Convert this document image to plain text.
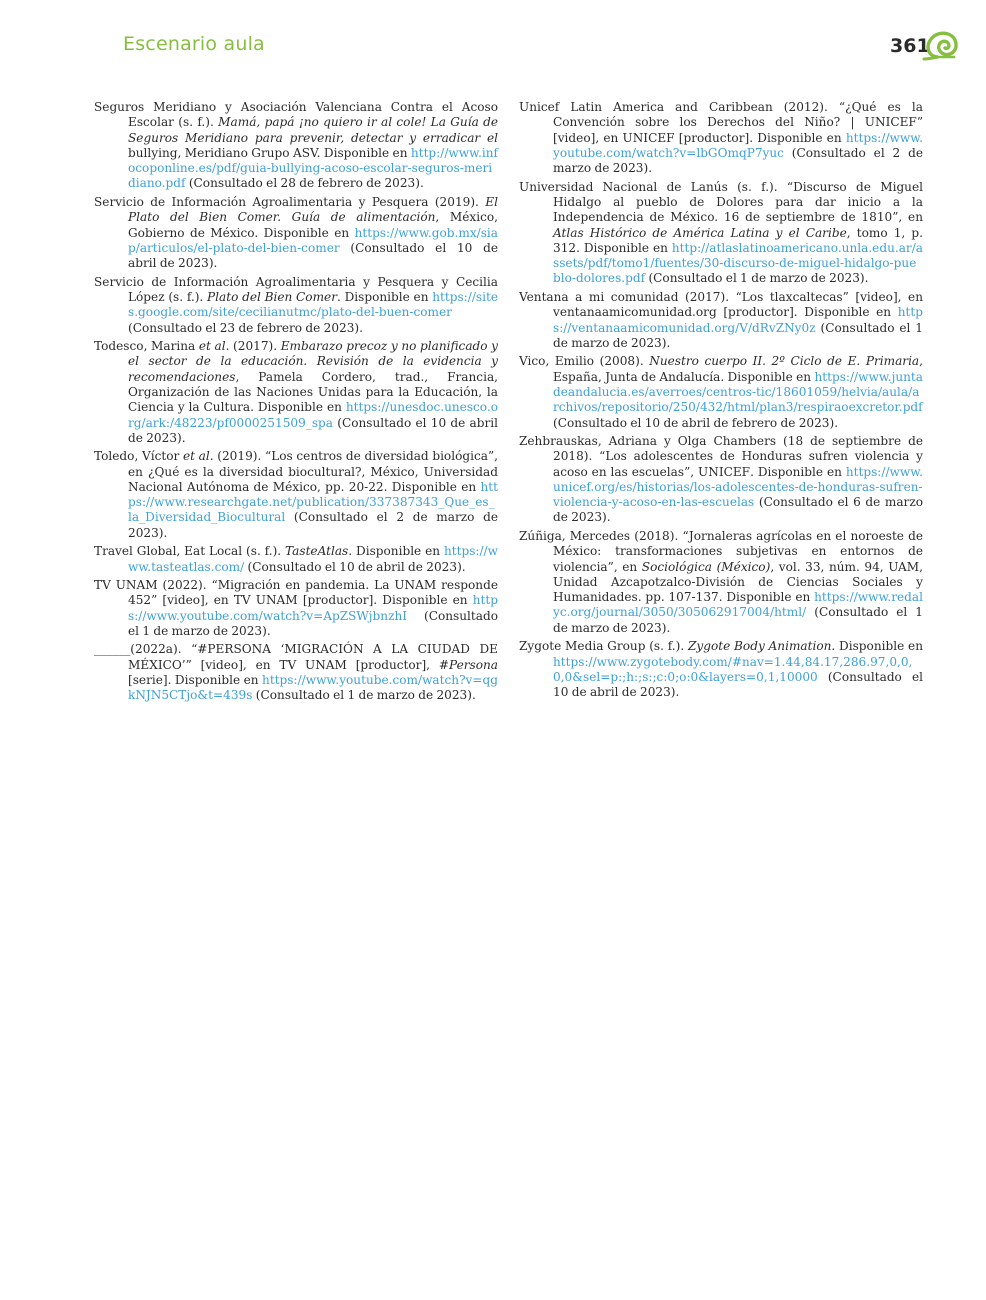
Escenario aula	361

Seguros Meridiano y Asociación Valenciana Contra el Acoso Escolar (s. f.). Mamá, papá ¡no quiero ir al cole! La Guía de Seguros Meridiano para prevenir, detectar y erradicar el bullying, Meridiano Grupo ASV. Disponible en http://www.infocoponline.es/pdf/guia-bullying-acoso-escolar-seguros-meridiano.pdf (Consultado el 28 de febrero de 2023).

Servicio de Información Agroalimentaria y Pesquera (2019). El Plato del Bien Comer. Guía de alimentación, México, Gobierno de México. Disponible en https://www.gob.mx/siap/articulos/el-plato-del-bien-comer (Consultado el 10 de abril de 2023).

Servicio de Información Agroalimentaria y Pesquera y Cecilia López (s. f.). Plato del Bien Comer. Disponible en https://sites.google.com/site/cecilianutmc/plato-del-buen-comer (Consultado el 23 de febrero de 2023).

Todesco, Marina et al. (2017). Embarazo precoz y no planificado y el sector de la educación. Revisión de la evidencia y recomendaciones, Pamela Cordero, trad., Francia, Organización de las Naciones Unidas para la Educación, la Ciencia y la Cultura. Disponible en https://unesdoc.unesco.org/ark:/48223/pf0000251509_spa (Consultado el 10 de abril de 2023).

Toledo, Víctor et al. (2019). “Los centros de diversidad biológica”, en ¿Qué es la diversidad biocultural?, México, Universidad Nacional Autónoma de México, pp. 20-22. Disponible en https://www.researchgate.net/publication/337387343_Que_es_la_Diversidad_Biocultural (Consultado el 2 de marzo de 2023).

Travel Global, Eat Local (s. f.). TasteAtlas. Disponible en https://www.tasteatlas.com/ (Consultado el 10 de abril de 2023).

TV UNAM (2022). “Migración en pandemia. La UNAM responde 452” [video], en TV UNAM [productor]. Disponible en https://www.youtube.com/watch?v=ApZSWjbnzhI (Consultado el 1 de marzo de 2023).

______(2022a). “#PERSONA ‘MIGRACIÓN A LA CIUDAD DE MÉXICO’” [video], en TV UNAM [productor], #Persona [serie]. Disponible en https://www.youtube.com/watch?v=qgkNJN5CTjo&t=439s (Consultado el 1 de marzo de 2023).

Unicef Latin America and Caribbean (2012). “¿Qué es la Convención sobre los Derechos del Niño? | UNICEF” [video], en UNICEF [productor]. Disponible en https://www.youtube.com/watch?v=lbGOmqP7yuc (Consultado el 2 de marzo de 2023).

Universidad Nacional de Lanús (s. f.). “Discurso de Miguel Hidalgo al pueblo de Dolores para dar inicio a la Independencia de México. 16 de septiembre de 1810”, en Atlas Histórico de América Latina y el Caribe, tomo 1, p. 312. Disponible en http://atlaslatinoamericano.unla.edu.ar/assets/pdf/tomo1/fuentes/30-discurso-de-miguel-hidalgo-pueblo-dolores.pdf (Consultado el 1 de marzo de 2023).

Ventana a mi comunidad (2017). “Los tlaxcaltecas” [video], en ventanaamicomunidad.org [productor]. Disponible en https://ventanaamicomunidad.org/V/dRvZNy0z (Consultado el 1 de marzo de 2023).

Vico, Emilio (2008). Nuestro cuerpo II. 2º Ciclo de E. Primaria, España, Junta de Andalucía. Disponible en https://www.juntadeandalucia.es/averroes/centros-tic/18601059/helvia/aula/archivos/repositorio/250/432/html/plan3/respiraoexcretor.pdf (Consultado el 10 de abril de febrero de 2023).

Zehbrauskas, Adriana y Olga Chambers (18 de septiembre de 2018). “Los adolescentes de Honduras sufren violencia y acoso en las escuelas”, UNICEF. Disponible en https://www.unicef.org/es/historias/los-adolescentes-de-honduras-sufren-violencia-y-acoso-en-las-escuelas (Consultado el 6 de marzo de 2023).

Zúñiga, Mercedes (2018). “Jornaleras agrícolas en el noroeste de México: transformaciones subjetivas en entornos de violencia”, en Sociológica (México), vol. 33, núm. 94, UAM, Unidad Azcapotzalco-División de Ciencias Sociales y Humanidades. pp. 107-137. Disponible en https://www.redalyc.org/journal/3050/305062917004/html/ (Consultado el 1 de marzo de 2023).

Zygote Media Group (s. f.). Zygote Body Animation. Disponible en https://www.zygotebody.com/#nav=1.44,84.17,286.97,0,0,0,0&sel=p:;h:;s:;c:0;o:0&layers=0,1,10000 (Consultado el 10 de abril de 2023).
